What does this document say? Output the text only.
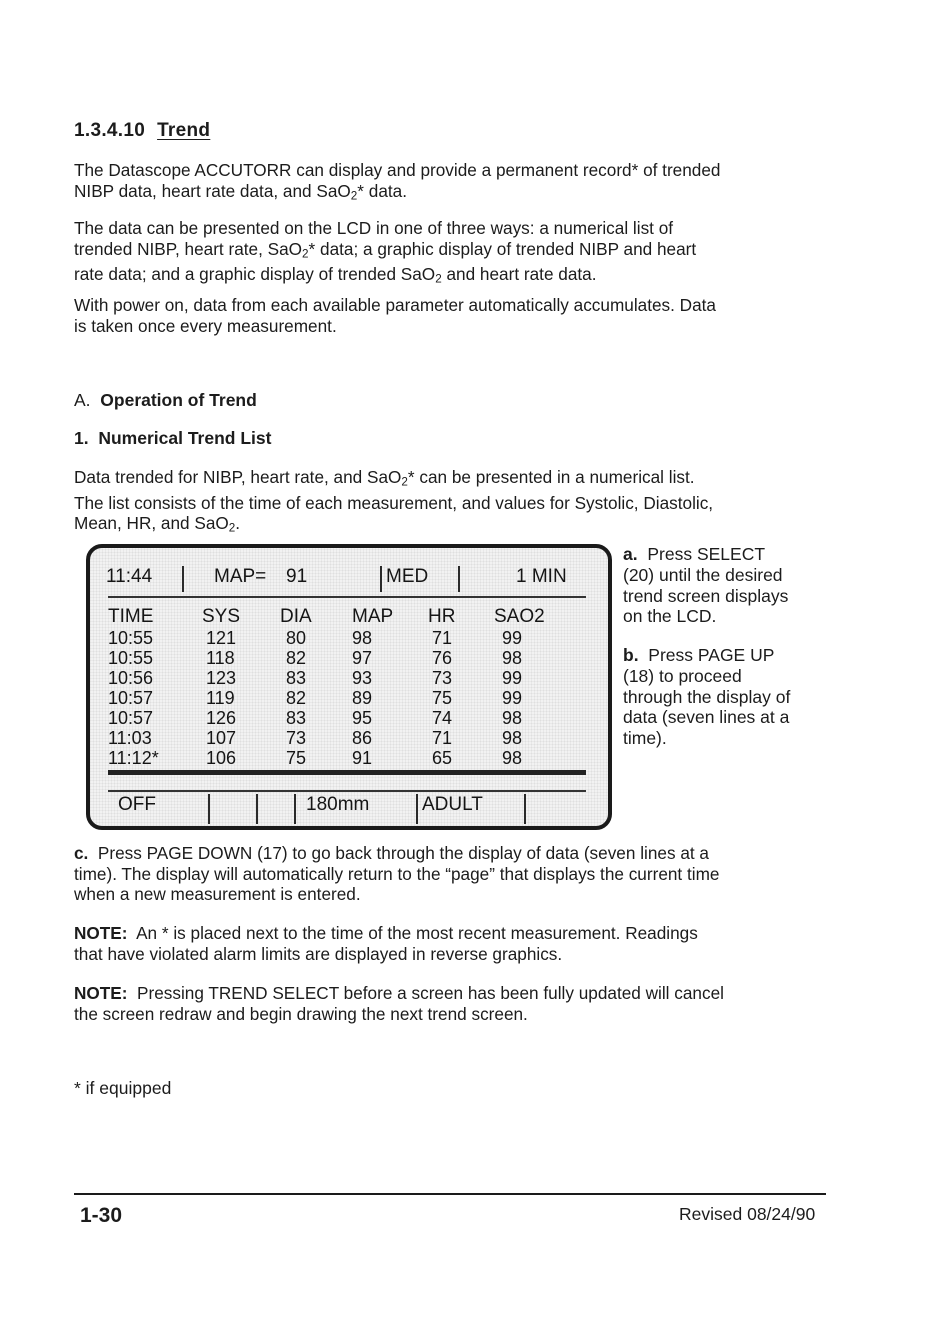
1.3.4.10 Trend

The Datascope ACCUTORR can display and provide a permanent record* of trended
NIBP data, heart rate data, and SaO$_2$* data.

The data can be presented on the LCD in one of three ways: a numerical list of
trended NIBP, heart rate, SaO$_2$* data; a graphic display of trended NIBP and heart
rate data; and a graphic display of trended SaO$_2$ and heart rate data.

With power on, data from each available parameter automatically accumulates. Data
is taken once every measurement.

A. Operation of Trend
1. Numerical Trend List

Data trended for NIBP, heart rate, and SaO$_2$* can be presented in a numerical list.
The list consists of the time of each measurement, and values for Systolic, Diastolic,
Mean, HR, and SaO$_2$.

11:44	MAP= 91	MED	1 MIN
TIME	SYS DIA MAP HR SAO2
10:55	121	80	98	71	99
10:55	118	82	97	76	98
10:56	123	83	93	73	99
10:57	119	82	89	75	99
10:57	126	83	95	74	98
11:03	107	73	86	71	98
11:12*	106	75	91	65	98
OFF	180mm	ADULT

a. Press SELECT
(20) until the desired
trend screen displays
on the LCD.

b. Press PAGE UP
(18) to proceed
through the display of
data (seven lines at a
time).

c. Press PAGE DOWN (17) to go back through the display of data (seven lines at a
time). The display will automatically return to the “page” that displays the current time
when a new measurement is entered.

NOTE: An * is placed next to the time of the most recent measurement. Readings
that have violated alarm limits are displayed in reverse graphics.

NOTE: Pressing TREND SELECT before a screen has been fully updated will cancel
the screen redraw and begin drawing the next trend screen.

* if equipped
1-30	Revised 08/24/90
